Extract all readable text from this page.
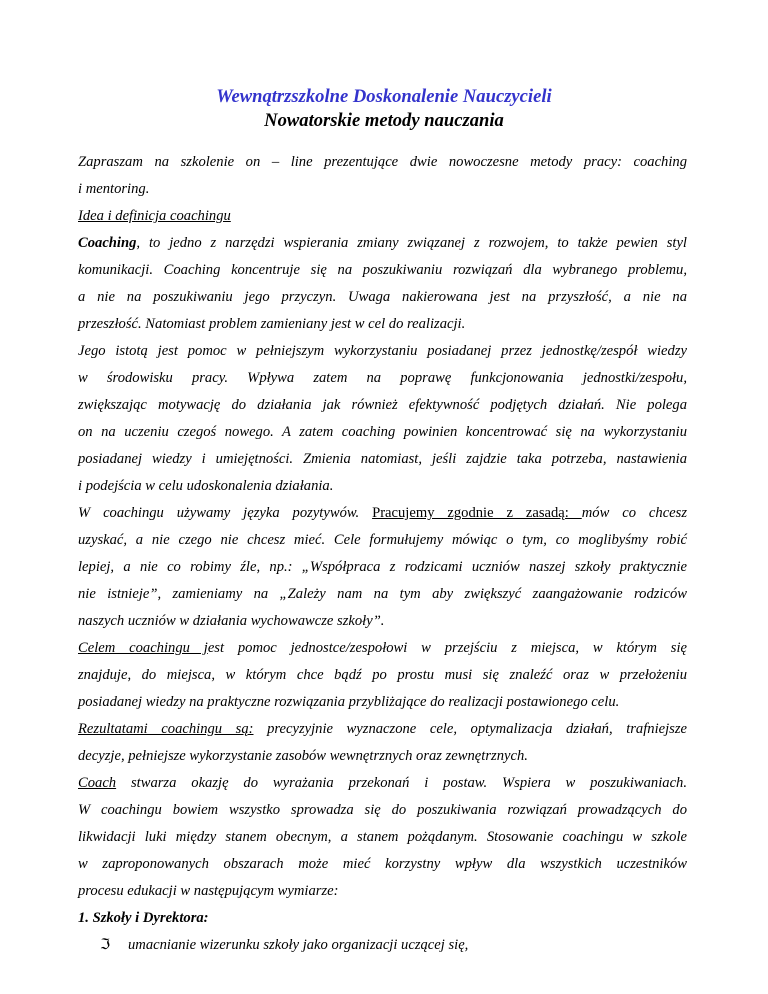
Wewnątrzszkolne Doskonalenie Nauczycieli
Nowatorskie metody nauczania
Zapraszam na szkolenie on – line prezentujące dwie nowoczesne metody pracy: coaching
i mentoring.
Idea i definicja coachingu
Coaching, to jedno z narzędzi wspierania zmiany związanej z rozwojem, to także pewien styl
komunikacji. Coaching koncentruje się na poszukiwaniu rozwiązań dla wybranego problemu,
a nie na poszukiwaniu jego przyczyn. Uwaga nakierowana jest na przyszłość, a nie na
przeszłość. Natomiast problem zamieniany jest w cel do realizacji.
Jego istotą jest pomoc w pełniejszym wykorzystaniu posiadanej przez jednostkę/zespół wiedzy
w środowisku pracy. Wpływa zatem na poprawę funkcjonowania jednostki/zespołu,
zwiększając motywację do działania jak również efektywność podjętych działań. Nie polega
on na uczeniu czegoś nowego. A zatem coaching powinien koncentrować się na wykorzystaniu
posiadanej wiedzy i umiejętności. Zmienia natomiast, jeśli zajdzie taka potrzeba, nastawienia
i podejścia w celu udoskonalenia działania.
W coachingu używamy języka pozytywów. Pracujemy zgodnie z zasadą: mów co chcesz
uzyskać, a nie czego nie chcesz mieć. Cele formułujemy mówiąc o tym, co moglibyśmy robić
lepiej, a nie co robimy źle, np.: „Współpraca z rodzicami uczniów naszej szkoły praktycznie
nie istnieje”, zamieniamy na „Zależy nam na tym aby zwiększyć zaangażowanie rodziców
naszych uczniów w działania wychowawcze szkoły”.
Celem coachingu jest pomoc jednostce/zespołowi w przejściu z miejsca, w którym się
znajduje, do miejsca, w którym chce bądź po prostu musi się znaleźć oraz w przełożeniu
posiadanej wiedzy na praktyczne rozwiązania przybliżające do realizacji postawionego celu.
Rezultatami coachingu są: precyzyjnie wyznaczone cele, optymalizacja działań, trafniejsze
decyzje, pełniejsze wykorzystanie zasobów wewnętrznych oraz zewnętrznych.
Coach stwarza okazję do wyrażania przekonań i postaw. Wspiera w poszukiwaniach.
W coachingu bowiem wszystko sprowadza się do poszukiwania rozwiązań prowadzących do
likwidacji luki między stanem obecnym, a stanem pożądanym. Stosowanie coachingu w szkole
w zaproponowanych obszarach może mieć korzystny wpływ dla wszystkich uczestników
procesu edukacji w następującym wymiarze:
1. Szkoły i Dyrektora:
ℑ umacnianie wizerunku szkoły jako organizacji uczącej się,
